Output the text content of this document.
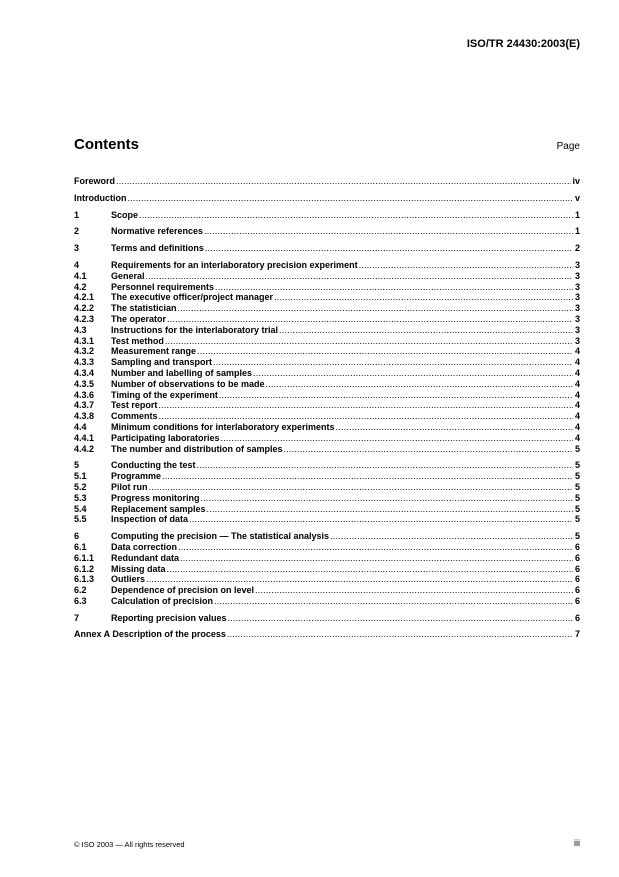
ISO/TR 24430:2003(E)
Contents	Page
Foreword .....	iv
Introduction .....	v
1	Scope .....	1
2	Normative references .....	1
3	Terms and definitions .....	2
4	Requirements for an interlaboratory precision experiment .....	3
4.1	General .....	3
4.2	Personnel requirements .....	3
4.2.1	The executive officer/project manager .....	3
4.2.2	The statistician .....	3
4.2.3	The operator .....	3
4.3	Instructions for the interlaboratory trial .....	3
4.3.1	Test method .....	3
4.3.2	Measurement range .....	4
4.3.3	Sampling and transport .....	4
4.3.4	Number and labelling of samples .....	4
4.3.5	Number of observations to be made .....	4
4.3.6	Timing of the experiment .....	4
4.3.7	Test report .....	4
4.3.8	Comments .....	4
4.4	Minimum conditions for interlaboratory experiments .....	4
4.4.1	Participating laboratories .....	4
4.4.2	The number and distribution of samples .....	5
5	Conducting the test .....	5
5.1	Programme .....	5
5.2	Pilot run .....	5
5.3	Progress monitoring .....	5
5.4	Replacement samples .....	5
5.5	Inspection of data .....	5
6	Computing the precision — The statistical analysis .....	5
6.1	Data correction .....	6
6.1.1	Redundant data .....	6
6.1.2	Missing data .....	6
6.1.3	Outliers .....	6
6.2	Dependence of precision on level .....	6
6.3	Calculation of precision .....	6
7	Reporting precision values .....	6
Annex A Description of the process .....	7
© ISO 2003 — All rights reserved	iii
